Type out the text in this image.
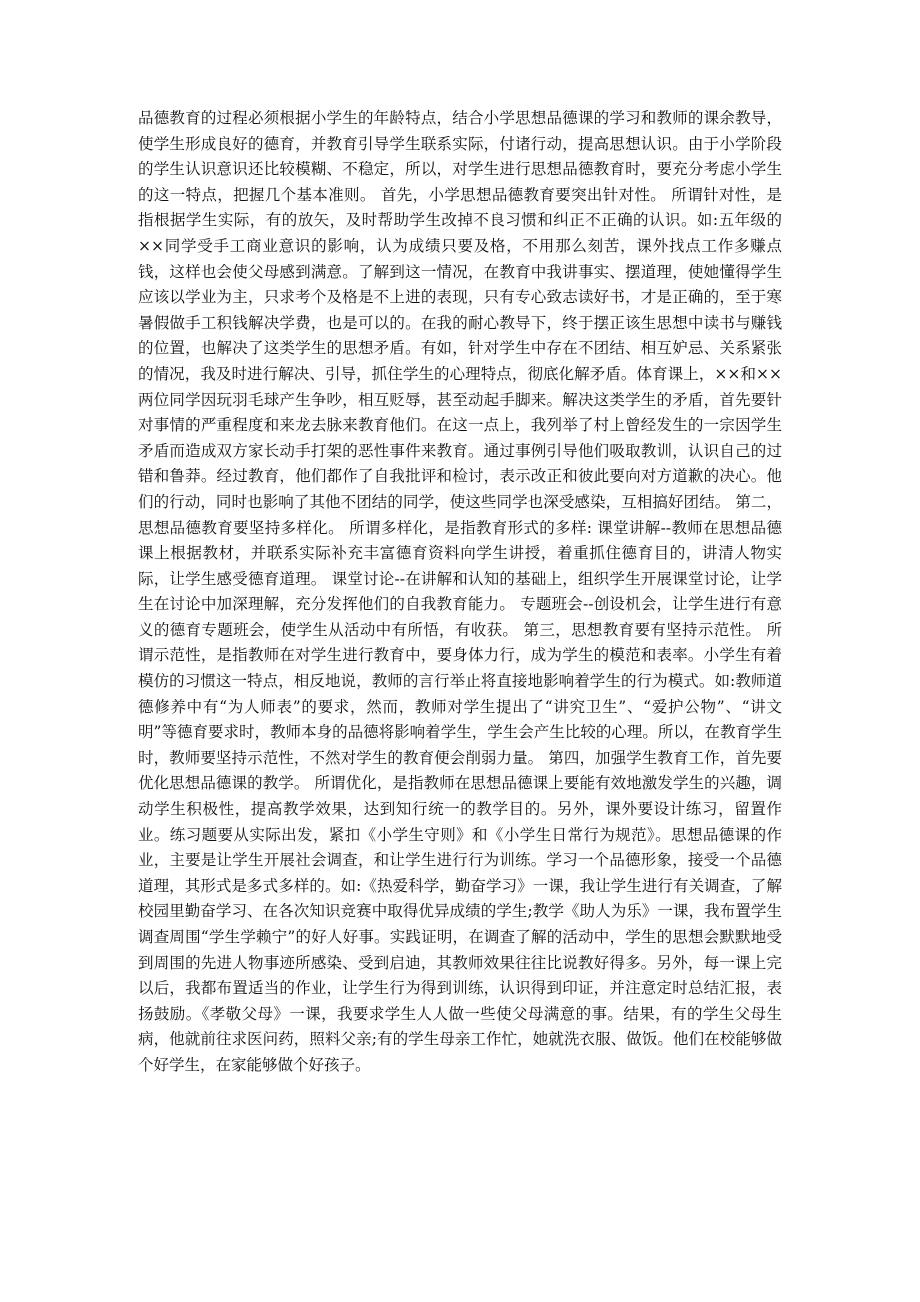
品德教育的过程必须根据小学生的年龄特点，结合小学思想品德课的学习和教师的课余教导，使学生形成良好的德育，并教育引导学生联系实际，付诸行动，提高思想认识。由于小学阶段的学生认识意识还比较模糊、不稳定，所以，对学生进行思想品德教育时，要充分考虑小学生的这一特点，把握几个基本准则。 首先，小学思想品德教育要突出针对性。 所谓针对性，是指根据学生实际，有的放矢，及时帮助学生改掉不良习惯和纠正不正确的认识。如:五年级的××同学受手工商业意识的影响，认为成绩只要及格，不用那么刻苦，课外找点工作多赚点钱，这样也会使父母感到满意。了解到这一情况，在教育中我讲事实、摆道理，使她懂得学生应该以学业为主，只求考个及格是不上进的表现，只有专心致志读好书，才是正确的，至于寒暑假做手工积钱解决学费，也是可以的。在我的耐心教导下，终于摆正该生思想中读书与赚钱的位置，也解决了这类学生的思想矛盾。有如，针对学生中存在不团结、相互妒忌、关系紧张的情况，我及时进行解决、引导，抓住学生的心理特点，彻底化解矛盾。体育课上，××和××两位同学因玩羽毛球产生争吵，相互贬辱，甚至动起手脚来。解决这类学生的矛盾，首先要针对事情的严重程度和来龙去脉来教育他们。在这一点上，我列举了村上曾经发生的一宗因学生矛盾而造成双方家长动手打架的恶性事件来教育。通过事例引导他们吸取教训，认识自己的过错和鲁莽。经过教育，他们都作了自我批评和检讨，表示改正和彼此要向对方道歉的决心。他们的行动，同时也影响了其他不团结的同学，使这些同学也深受感染，互相搞好团结。 第二，思想品德教育要坚持多样化。 所谓多样化，是指教育形式的多样: 课堂讲解--教师在思想品德课上根据教材，并联系实际补充丰富德育资料向学生讲授，着重抓住德育目的，讲清人物实际，让学生感受德育道理。 课堂讨论--在讲解和认知的基础上，组织学生开展课堂讨论，让学生在讨论中加深理解，充分发挥他们的自我教育能力。 专题班会--创设机会，让学生进行有意义的德育专题班会，使学生从活动中有所悟，有收获。 第三，思想教育要有坚持示范性。 所谓示范性，是指教师在对学生进行教育中，要身体力行，成为学生的模范和表率。小学生有着模仿的习惯这一特点，相反地说，教师的言行举止将直接地影响着学生的行为模式。如:教师道德修养中有“为人师表”的要求，然而，教师对学生提出了“讲究卫生”、“爱护公物”、“讲文明”等德育要求时，教师本身的品德将影响着学生，学生会产生比较的心理。所以，在教育学生时，教师要坚持示范性，不然对学生的教育便会削弱力量。 第四，加强学生教育工作，首先要优化思想品德课的教学。 所谓优化，是指教师在思想品德课上要能有效地激发学生的兴趣，调动学生积极性，提高教学效果，达到知行统一的教学目的。另外，课外要设计练习，留置作业。练习题要从实际出发，紧扣《小学生守则》和《小学生日常行为规范》。思想品德课的作业，主要是让学生开展社会调查，和让学生进行行为训练。学习一个品德形象，接受一个品德道理，其形式是多式多样的。如:《热爱科学，勤奋学习》一课，我让学生进行有关调查，了解校园里勤奋学习、在各次知识竞赛中取得优异成绩的学生;教学《助人为乐》一课，我布置学生调查周围“学生学赖宁”的好人好事。实践证明，在调查了解的活动中，学生的思想会默默地受到周围的先进人物事迹所感染、受到启迪，其教师效果往往比说教好得多。另外，每一课上完以后，我都布置适当的作业，让学生行为得到训练，认识得到印证，并注意定时总结汇报，表扬鼓励。《孝敬父母》一课，我要求学生人人做一些使父母满意的事。结果，有的学生父母生病，他就前往求医问药，照料父亲;有的学生母亲工作忙，她就洗衣服、做饭。他们在校能够做个好学生，在家能够做个好孩子。
